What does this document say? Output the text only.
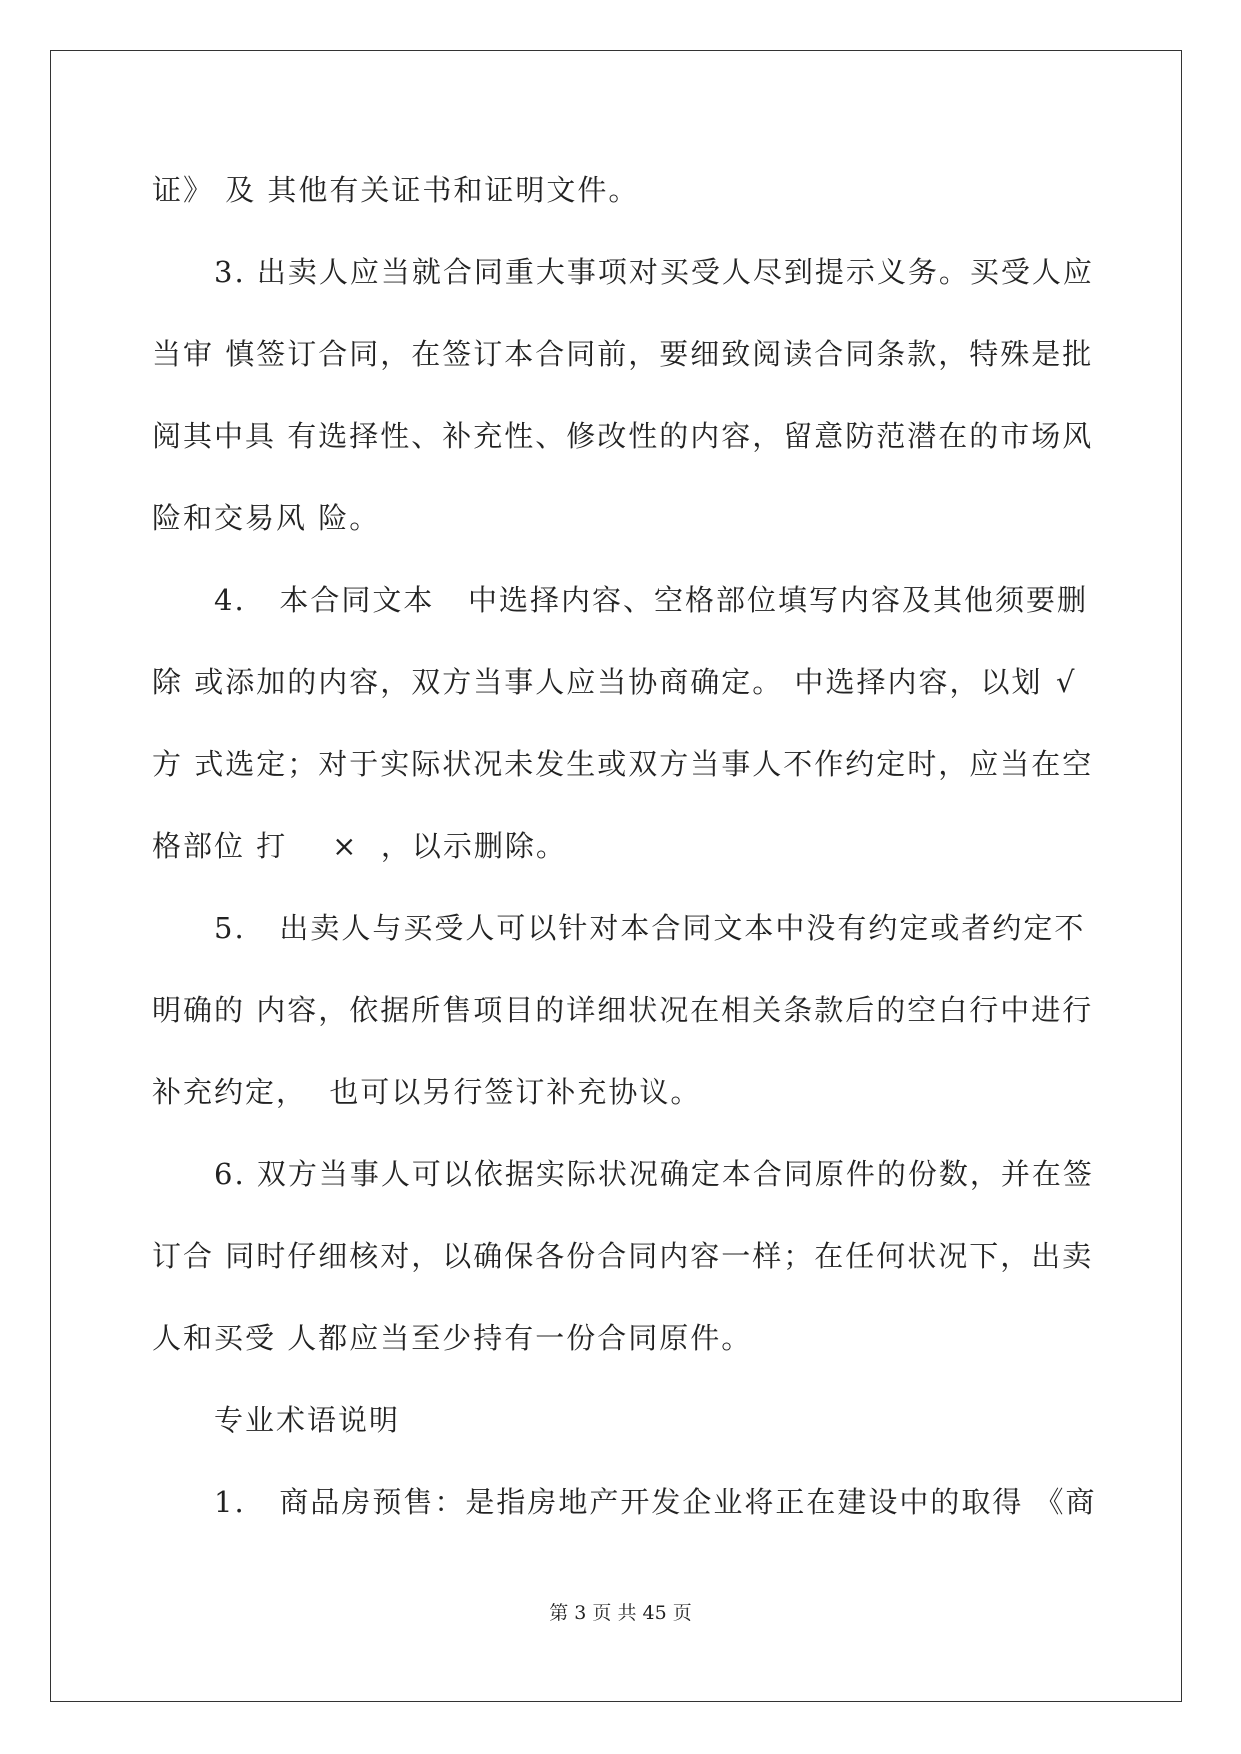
证》 及 其他有关证书和证明文件。

3. 出卖人应当就合同重大事项对买受人尽到提示义务。买受人应

当审 慎签订合同，在签订本合同前，要细致阅读合同条款，特殊是批

阅其中具 有选择性、补充性、修改性的内容，留意防范潜在的市场风

险和交易风 险。

4.   本合同文本   中选择内容、空格部位填写内容及其他须要删

除 或添加的内容，双方当事人应当协商确定。 中选择内容，以划

√

方 式选定；对于实际状况未发生或双方当事人不作约定时，应当在空

格部位 打    ×  ，以示删除。

5.   出卖人与买受人可以针对本合同文本中没有约定或者约定不

明确的 内容，依据所售项目的详细状况在相关条款后的空白行中进行

补充约定，  也可以另行签订补充协议。

6. 双方当事人可以依据实际状况确定本合同原件的份数，并在签

订合 同时仔细核对，以确保各份合同内容一样；在任何状况下，出卖

人和买受 人都应当至少持有一份合同原件。

专业术语说明

1.   商品房预售：是指房地产开发企业将正在建设中的取得 《商

第 3 页 共 45 页
